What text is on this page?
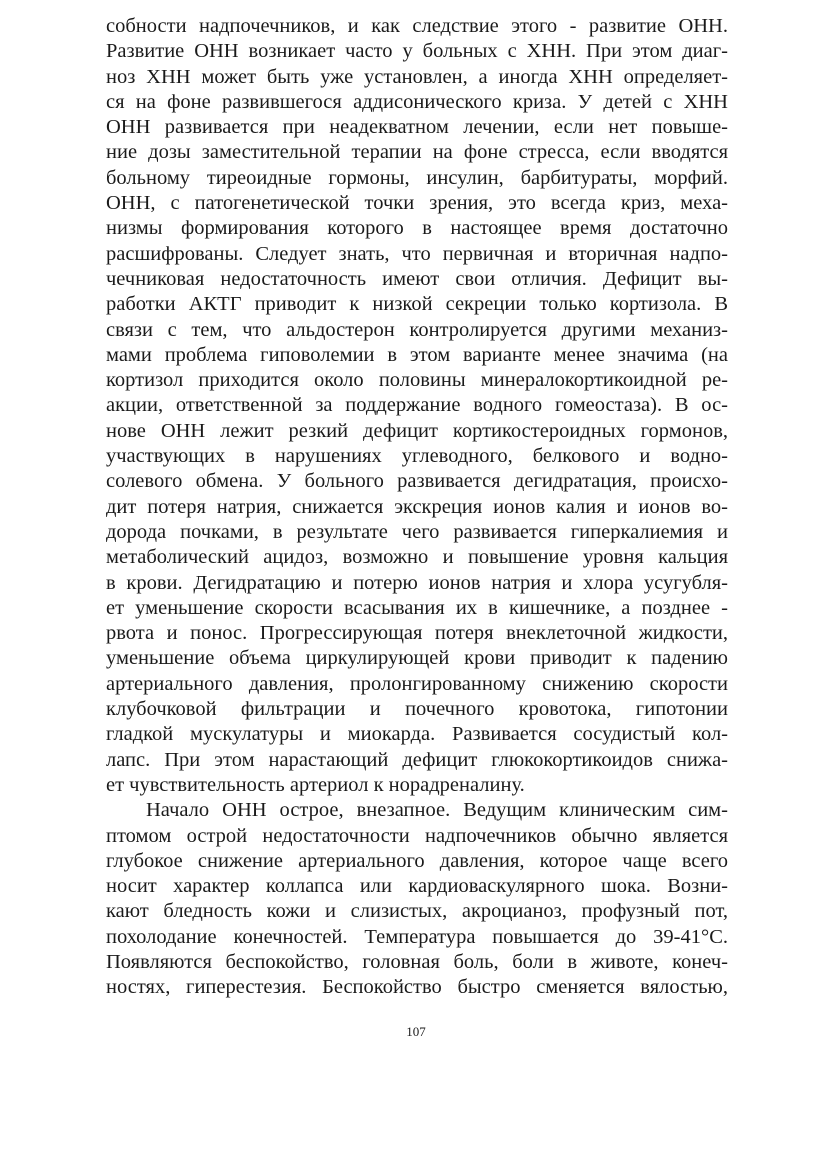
собности надпочечников, и как следствие этого - развитие ОНН.
Развитие ОНН возникает часто у больных с ХНН. При этом диаг-
ноз ХНН может быть уже установлен, а иногда ХНН определяет-
ся на фоне развившегося аддисонического криза. У детей с ХНН
ОНН развивается при неадекватном лечении, если нет повыше-
ние дозы заместительной терапии на фоне стресса, если вводятся
больному тиреоидные гормоны, инсулин, барбитураты, морфий.
ОНН, с патогенетической точки зрения, это всегда криз, меха-
низмы формирования которого в настоящее время достаточно
расшифрованы. Следует знать, что первичная и вторичная надпо-
чечниковая недостаточность имеют свои отличия. Дефицит вы-
работки АКТГ приводит к низкой секреции только кортизола. В
связи с тем, что альдостерон контролируется другими механиз-
мами проблема гиповолемии в этом варианте менее значима (на
кортизол приходится около половины минералокортикоидной ре-
акции, ответственной за поддержание водного гомеостаза). В ос-
нове ОНН лежит резкий дефицит кортикостероидных гормонов,
участвующих в нарушениях углеводного, белкового и водно-
солевого обмена. У больного развивается дегидратация, происхо-
дит потеря натрия, снижается экскреция ионов калия и ионов во-
дорода почками, в результате чего развивается гиперкалиемия и
метаболический ацидоз, возможно и повышение уровня кальция
в крови. Дегидратацию и потерю ионов натрия и хлора усугубля-
ет уменьшение скорости всасывания их в кишечнике, а позднее -
рвота и понос. Прогрессирующая потеря внеклеточной жидкости,
уменьшение объема циркулирующей крови приводит к падению
артериального давления, пролонгированному снижению скорости
клубочковой фильтрации и почечного кровотока, гипотонии
гладкой мускулатуры и миокарда. Развивается сосудистый кол-
лапс. При этом нарастающий дефицит глюкокортикоидов снижа-
ет чувствительность артериол к норадреналину.
Начало ОНН острое, внезапное. Ведущим клиническим сим-
птомом острой недостаточности надпочечников обычно является
глубокое снижение артериального давления, которое чаще всего
носит характер коллапса или кардиоваскулярного шока. Возни-
кают бледность кожи и слизистых, акроцианоз, профузный пот,
похолодание конечностей. Температура повышается до 39-41°С.
Появляются беспокойство, головная боль, боли в животе, конеч-
ностях, гиперестезия. Беспокойство быстро сменяется вялостью,
107
